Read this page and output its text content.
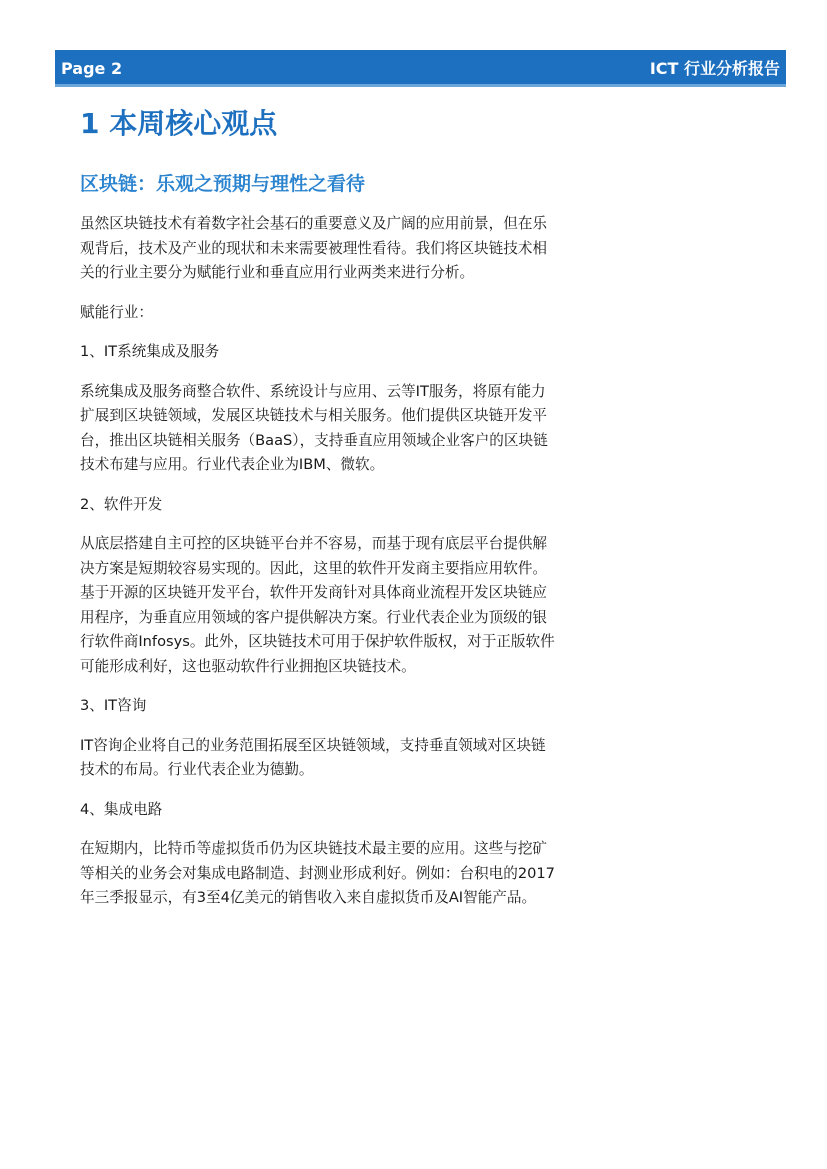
Page 2	ICT 行业分析报告
1 本周核心观点
区块链：乐观之预期与理性之看待

虽然区块链技术有着数字社会基石的重要意义及广阔的应用前景，但在乐观背后，技术及产业的现状和未来需要被理性看待。我们将区块链技术相关的行业主要分为赋能行业和垂直应用行业两类来进行分析。

赋能行业：

1、IT系统集成及服务

系统集成及服务商整合软件、系统设计与应用、云等IT服务，将原有能力扩展到区块链领域，发展区块链技术与相关服务。他们提供区块链开发平台，推出区块链相关服务（BaaS），支持垂直应用领域企业客户的区块链技术布建与应用。行业代表企业为IBM、微软。

2、软件开发

从底层搭建自主可控的区块链平台并不容易，而基于现有底层平台提供解决方案是短期较容易实现的。因此，这里的软件开发商主要指应用软件。基于开源的区块链开发平台，软件开发商针对具体商业流程开发区块链应用程序，为垂直应用领域的客户提供解决方案。行业代表企业为顶级的银行软件商Infosys。此外，区块链技术可用于保护软件版权，对于正版软件可能形成利好，这也驱动软件行业拥抱区块链技术。

3、IT咨询

IT咨询企业将自己的业务范围拓展至区块链领域，支持垂直领域对区块链技术的布局。行业代表企业为德勤。

4、集成电路

在短期内，比特币等虚拟货币仍为区块链技术最主要的应用。这些与挖矿等相关的业务会对集成电路制造、封测业形成利好。例如：台积电的2017年三季报显示，有3至4亿美元的销售收入来自虚拟货币及AI智能产品。
